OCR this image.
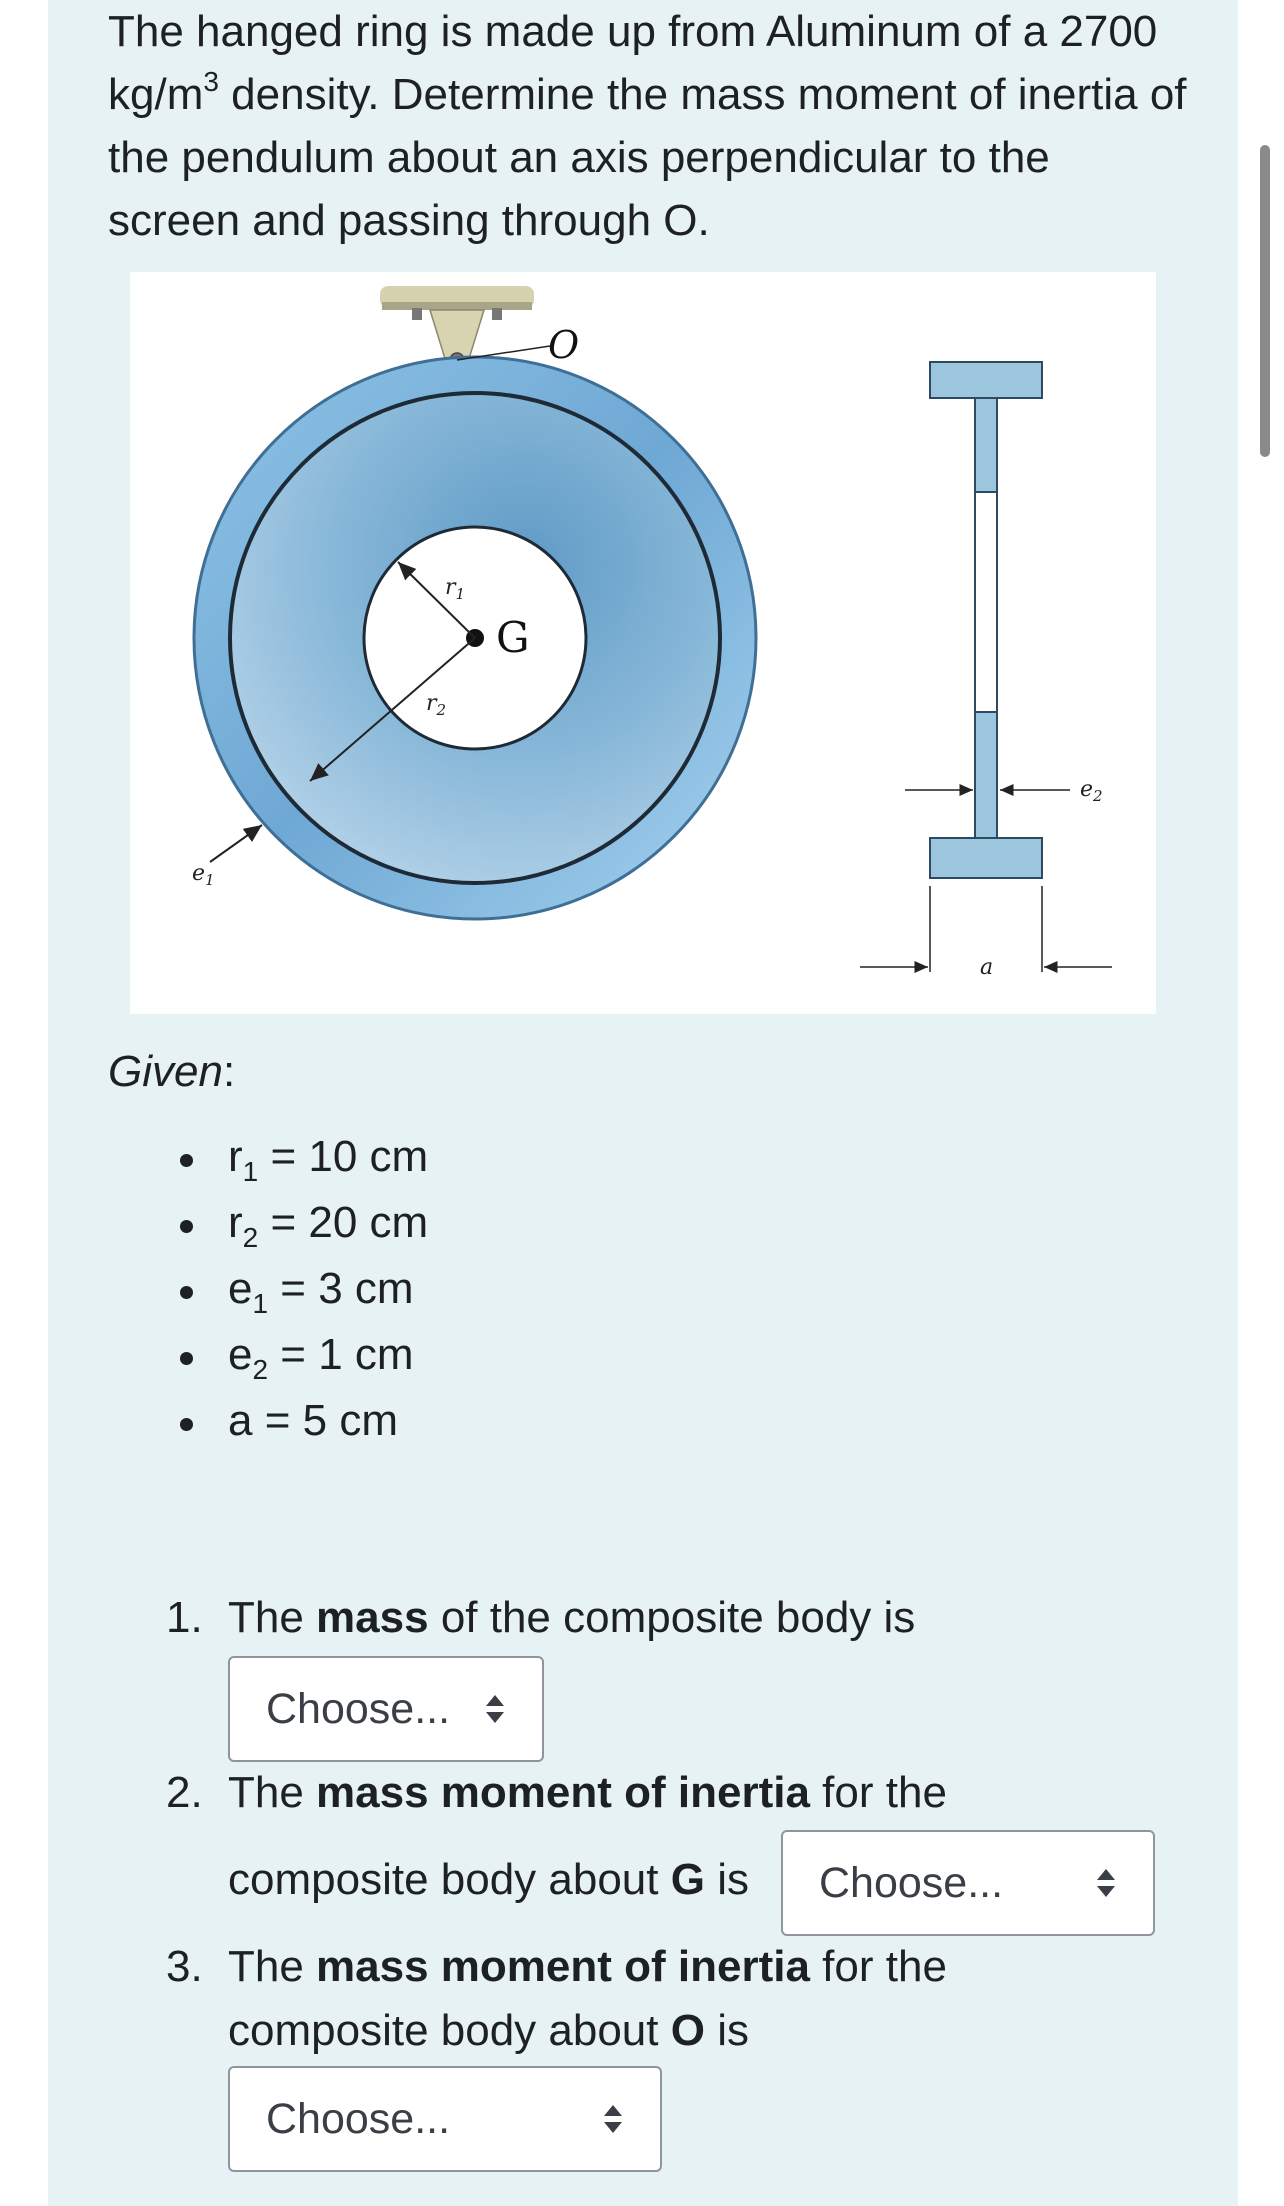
The hanged ring is made up from Aluminum of a 2700 $kg/m^3$ density. Determine the mass moment of inertia of the pendulum about an axis perpendicular to the screen and passing through O.
O
G
$r_1$
$r_2$
$e_1$
$e_2$
a
Given:
$r_1 = 10$ cm
$r_2 = 20$ cm
$e_1 = 3$ cm
$e_2 = 1$ cm
a = 5 cm
1. The mass of the composite body is
Choose...
2. The mass moment of inertia for the
composite body about G is Choose...
3. The mass moment of inertia for the
composite body about O is
Choose...
